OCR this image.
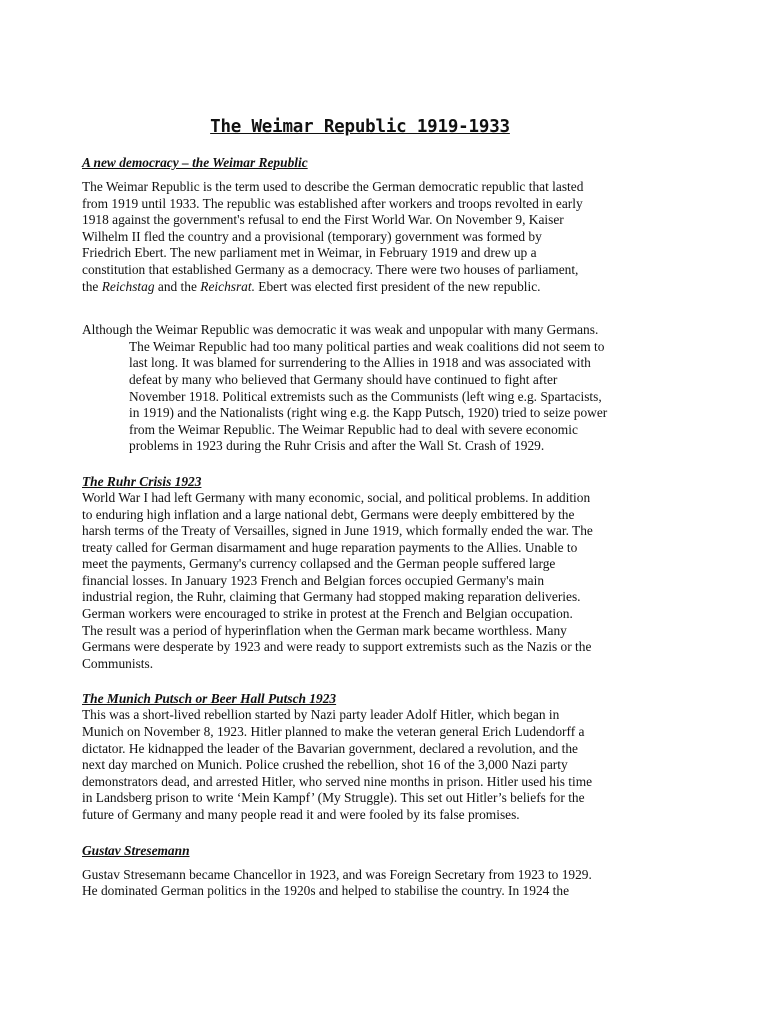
The Weimar Republic 1919-1933
A new democracy – the Weimar Republic

The Weimar Republic is the term used to describe the German democratic republic that lasted
from 1919 until 1933. The republic was established after workers and troops revolted in early
1918 against the government's refusal to end the First World War. On November 9, Kaiser
Wilhelm II fled the country and a provisional (temporary) government was formed by
Friedrich Ebert. The new parliament met in Weimar, in February 1919 and drew up a
constitution that established Germany as a democracy. There were two houses of parliament,
the Reichstag and the Reichsrat. Ebert was elected first president of the new republic.

Although the Weimar Republic was democratic it was weak and unpopular with many Germans.
The Weimar Republic had too many political parties and weak coalitions did not seem to
last long. It was blamed for surrendering to the Allies in 1918 and was associated with
defeat by many who believed that Germany should have continued to fight after
November 1918. Political extremists such as the Communists (left wing e.g. Spartacists,
in 1919) and the Nationalists (right wing e.g. the Kapp Putsch, 1920) tried to seize power
from the Weimar Republic. The Weimar Republic had to deal with severe economic
problems in 1923 during the Ruhr Crisis and after the Wall St. Crash of 1929.

The Ruhr Crisis 1923

World War I had left Germany with many economic, social, and political problems. In addition
to enduring high inflation and a large national debt, Germans were deeply embittered by the
harsh terms of the Treaty of Versailles, signed in June 1919, which formally ended the war. The
treaty called for German disarmament and huge reparation payments to the Allies. Unable to
meet the payments, Germany's currency collapsed and the German people suffered large
financial losses. In January 1923 French and Belgian forces occupied Germany's main
industrial region, the Ruhr, claiming that Germany had stopped making reparation deliveries.
German workers were encouraged to strike in protest at the French and Belgian occupation.
The result was a period of hyperinflation when the German mark became worthless. Many
Germans were desperate by 1923 and were ready to support extremists such as the Nazis or the
Communists.

The Munich Putsch or Beer Hall Putsch 1923

This was a short-lived rebellion started by Nazi party leader Adolf Hitler, which began in
Munich on November 8, 1923. Hitler planned to make the veteran general Erich Ludendorff a
dictator. He kidnapped the leader of the Bavarian government, declared a revolution, and the
next day marched on Munich. Police crushed the rebellion, shot 16 of the 3,000 Nazi party
demonstrators dead, and arrested Hitler, who served nine months in prison. Hitler used his time
in Landsberg prison to write ‘Mein Kampf’ (My Struggle). This set out Hitler’s beliefs for the
future of Germany and many people read it and were fooled by its false promises.

Gustav Stresemann

Gustav Stresemann became Chancellor in 1923, and was Foreign Secretary from 1923 to 1929.
He dominated German politics in the 1920s and helped to stabilise the country. In 1924 the
